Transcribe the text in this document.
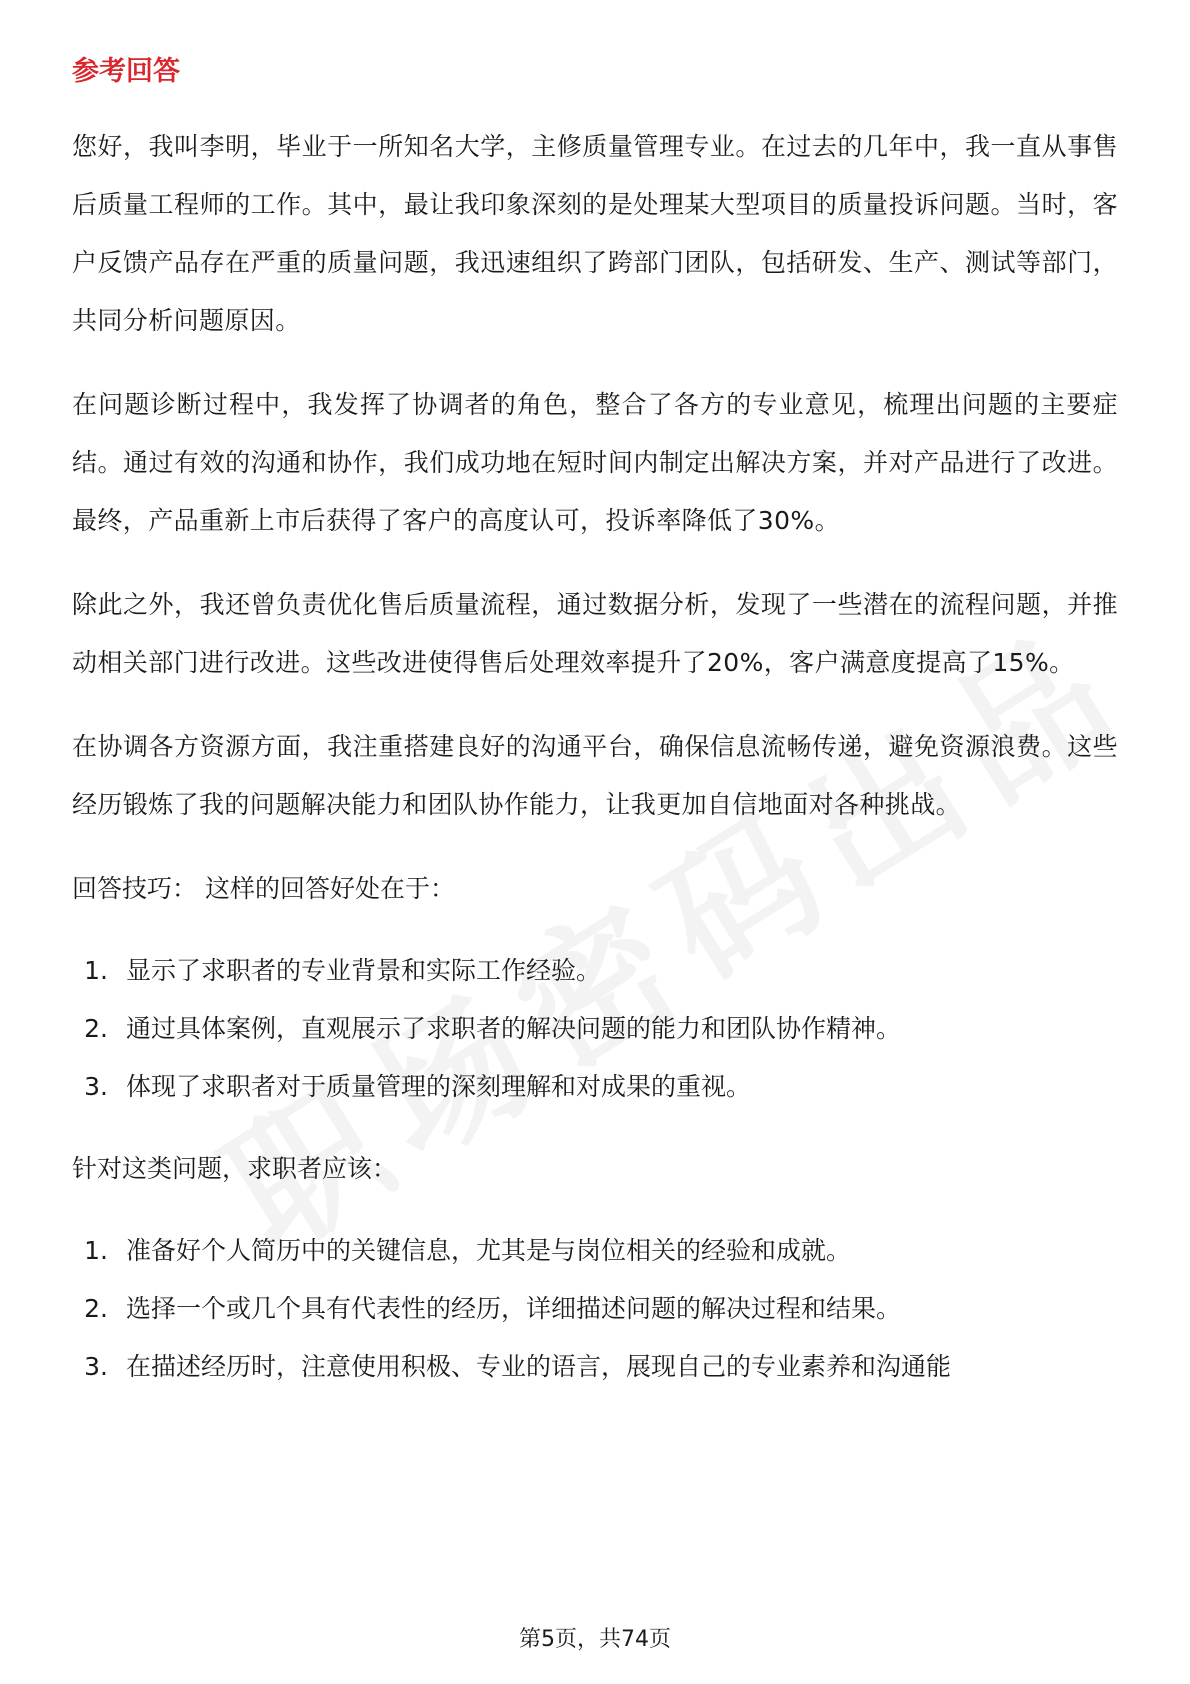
参考回答

您好，我叫李明，毕业于一所知名大学，主修质量管理专业。在过去的几年中，我一直从事售后质量工程师的工作。其中，最让我印象深刻的是处理某大型项目的质量投诉问题。当时，客户反馈产品存在严重的质量问题，我迅速组织了跨部门团队，包括研发、生产、测试等部门，共同分析问题原因。

在问题诊断过程中，我发挥了协调者的角色，整合了各方的专业意见，梳理出问题的主要症结。通过有效的沟通和协作，我们成功地在短时间内制定出解决方案，并对产品进行了改进。最终，产品重新上市后获得了客户的高度认可，投诉率降低了30%。

除此之外，我还曾负责优化售后质量流程，通过数据分析，发现了一些潜在的流程问题，并推动相关部门进行改进。这些改进使得售后处理效率提升了20%，客户满意度提高了15%。

在协调各方资源方面，我注重搭建良好的沟通平台，确保信息流畅传递，避免资源浪费。这些经历锻炼了我的问题解决能力和团队协作能力，让我更加自信地面对各种挑战。

回答技巧： 这样的回答好处在于：
1. 显示了求职者的专业背景和实际工作经验。
2. 通过具体案例，直观展示了求职者的解决问题的能力和团队协作精神。
3. 体现了求职者对于质量管理的深刻理解和对成果的重视。
针对这类问题，求职者应该：
1. 准备好个人简历中的关键信息，尤其是与岗位相关的经验和成就。
2. 选择一个或几个具有代表性的经历，详细描述问题的解决过程和结果。
3. 在描述经历时，注意使用积极、专业的语言，展现自己的专业素养和沟通能
第5页，共74页
